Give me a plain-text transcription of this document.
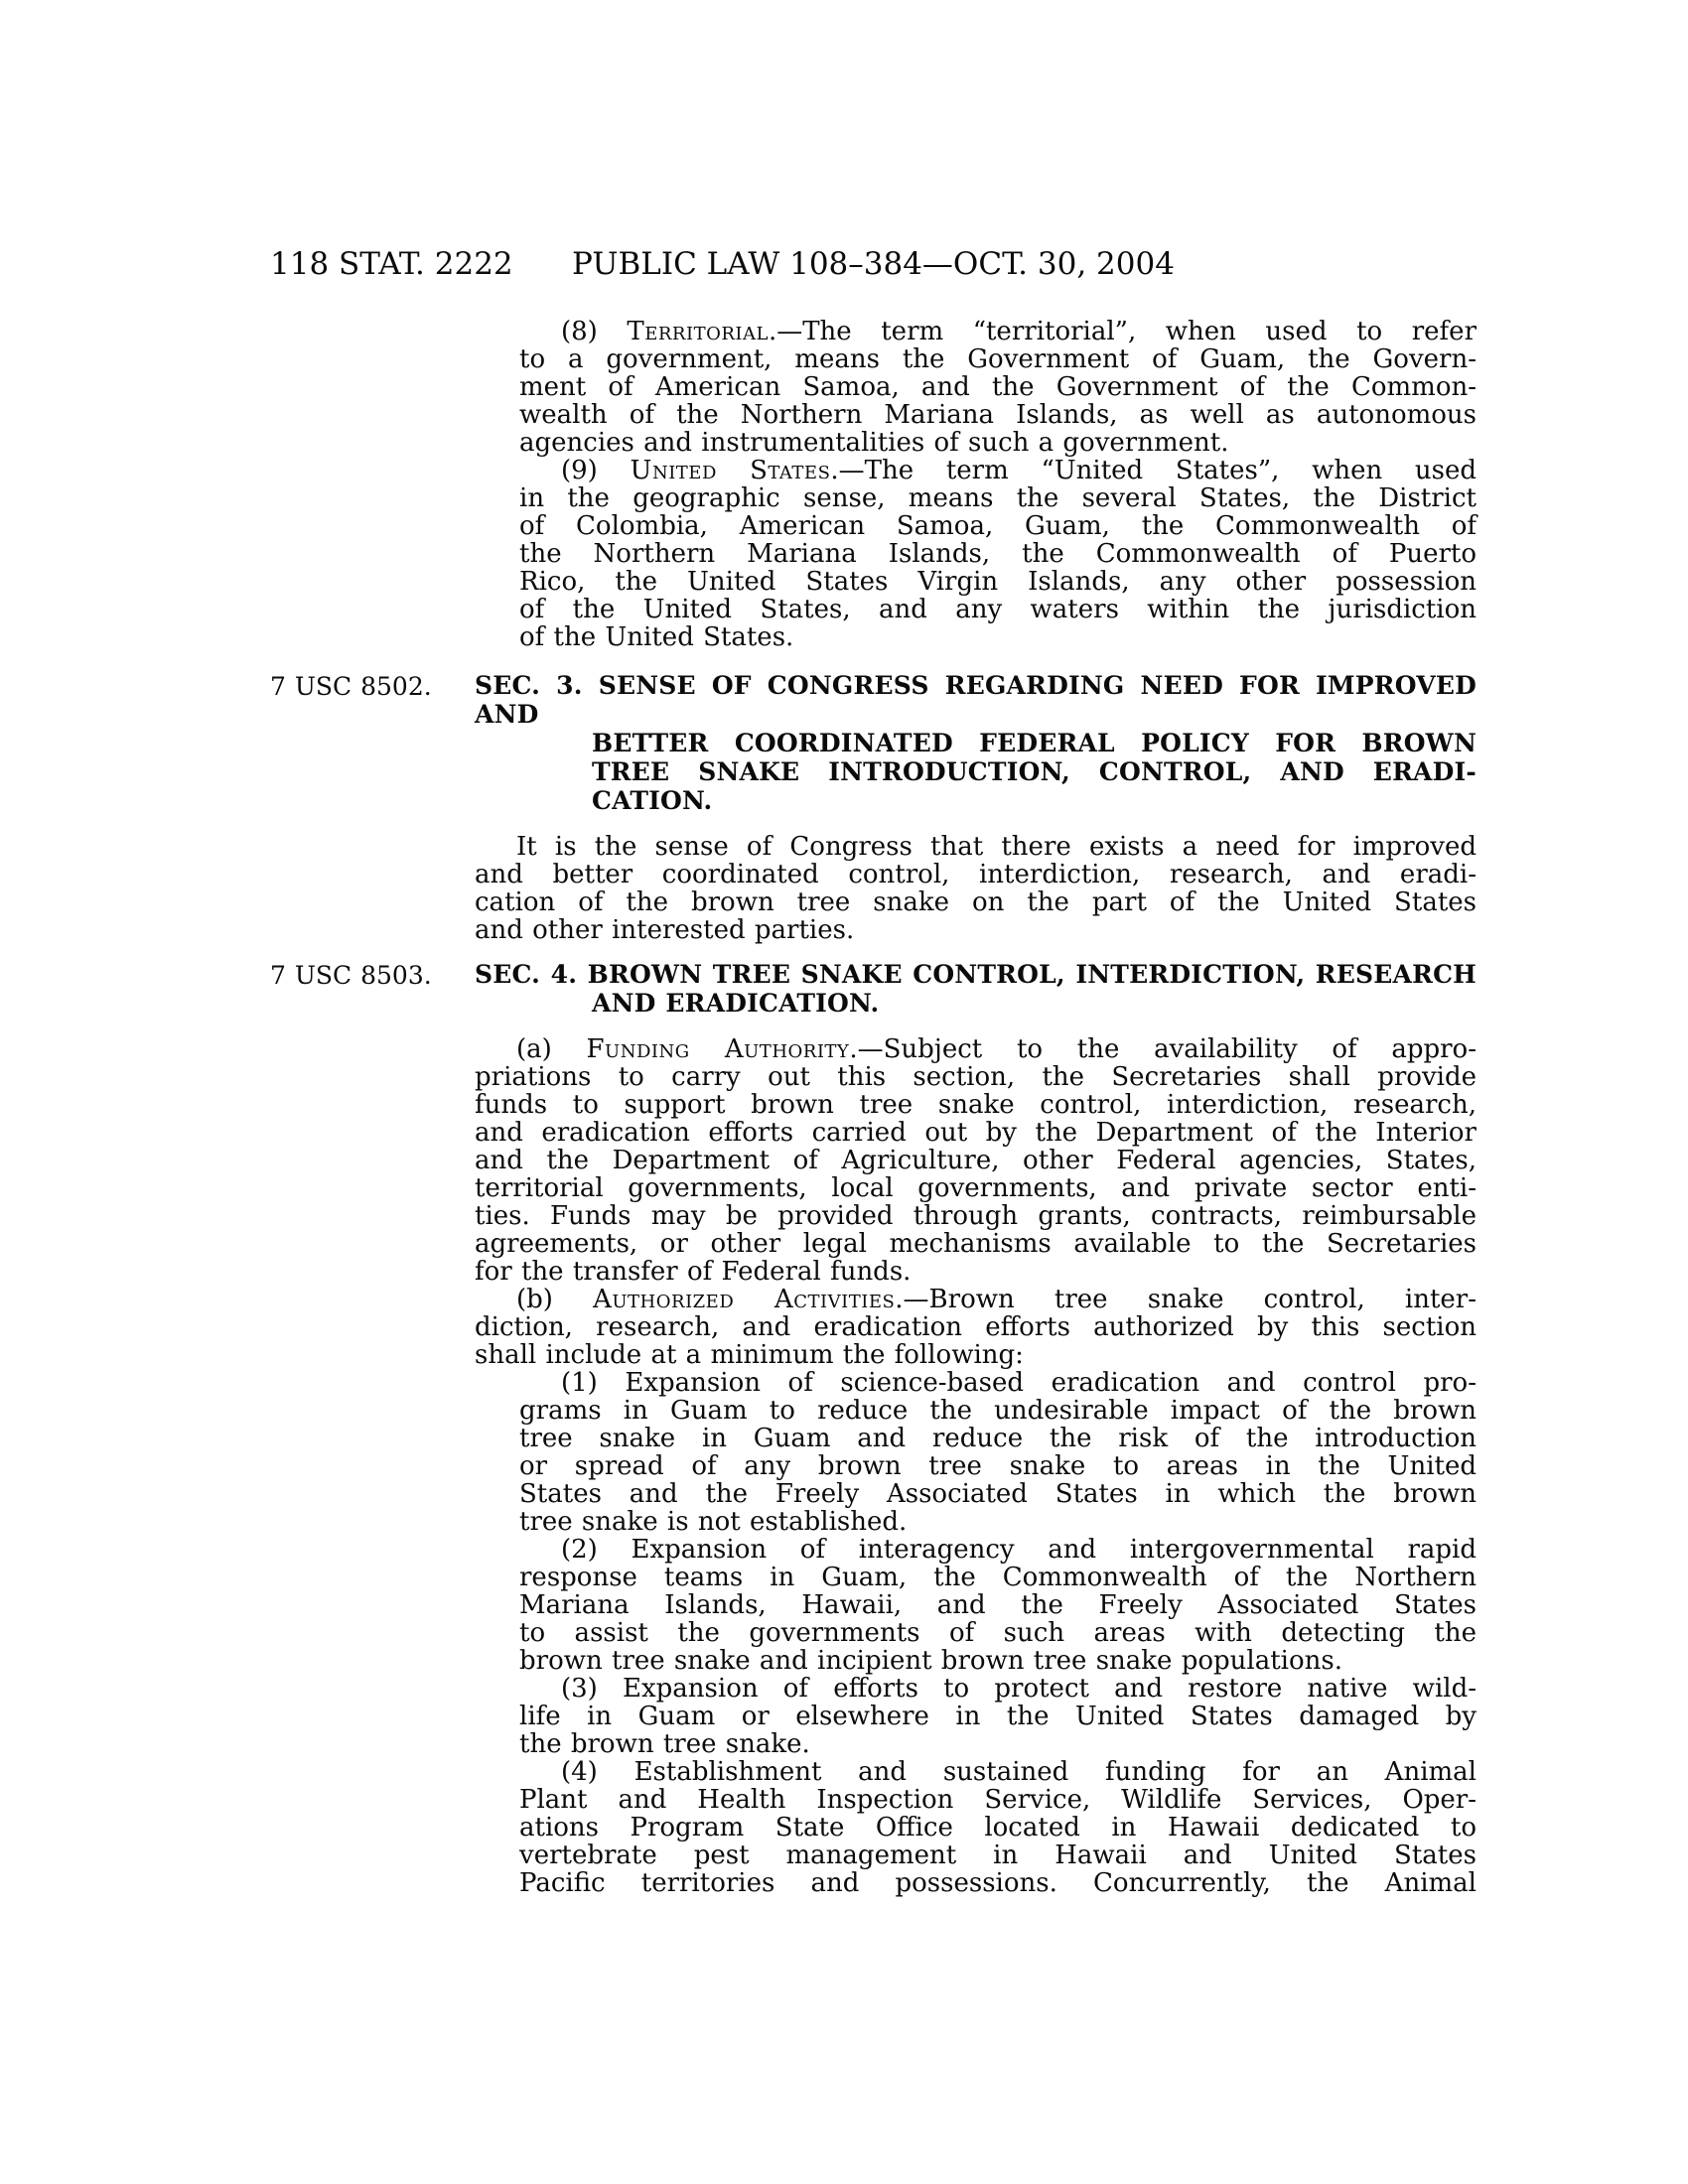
118 STAT. 2222	PUBLIC LAW 108–384—OCT. 30, 2004
(8) Territorial.—The term “territorial”, when used to refer
to a government, means the Government of Guam, the Govern-
ment of American Samoa, and the Government of the Common-
wealth of the Northern Mariana Islands, as well as autonomous
agencies and instrumentalities of such a government.
(9) United States.—The term “United States”, when used
in the geographic sense, means the several States, the District
of Colombia, American Samoa, Guam, the Commonwealth of
the Northern Mariana Islands, the Commonwealth of Puerto
Rico, the United States Virgin Islands, any other possession
of the United States, and any waters within the jurisdiction
of the United States.
7 USC 8502. SEC. 3. SENSE OF CONGRESS REGARDING NEED FOR IMPROVED AND
BETTER COORDINATED FEDERAL POLICY FOR BROWN
TREE SNAKE INTRODUCTION, CONTROL, AND ERADI-
CATION.
It is the sense of Congress that there exists a need for improved
and better coordinated control, interdiction, research, and eradi-
cation of the brown tree snake on the part of the United States
and other interested parties.
7 USC 8503. SEC. 4. BROWN TREE SNAKE CONTROL, INTERDICTION, RESEARCH
AND ERADICATION.
(a) Funding Authority.—Subject to the availability of appro-
priations to carry out this section, the Secretaries shall provide
funds to support brown tree snake control, interdiction, research,
and eradication efforts carried out by the Department of the Interior
and the Department of Agriculture, other Federal agencies, States,
territorial governments, local governments, and private sector enti-
ties. Funds may be provided through grants, contracts, reimbursable
agreements, or other legal mechanisms available to the Secretaries
for the transfer of Federal funds.
(b) Authorized Activities.—Brown tree snake control, inter-
diction, research, and eradication efforts authorized by this section
shall include at a minimum the following:
(1) Expansion of science-based eradication and control pro-
grams in Guam to reduce the undesirable impact of the brown
tree snake in Guam and reduce the risk of the introduction
or spread of any brown tree snake to areas in the United
States and the Freely Associated States in which the brown
tree snake is not established.
(2) Expansion of interagency and intergovernmental rapid
response teams in Guam, the Commonwealth of the Northern
Mariana Islands, Hawaii, and the Freely Associated States
to assist the governments of such areas with detecting the
brown tree snake and incipient brown tree snake populations.
(3) Expansion of efforts to protect and restore native wild-
life in Guam or elsewhere in the United States damaged by
the brown tree snake.
(4) Establishment and sustained funding for an Animal
Plant and Health Inspection Service, Wildlife Services, Oper-
ations Program State Office located in Hawaii dedicated to
vertebrate pest management in Hawaii and United States
Pacific territories and possessions. Concurrently, the Animal
